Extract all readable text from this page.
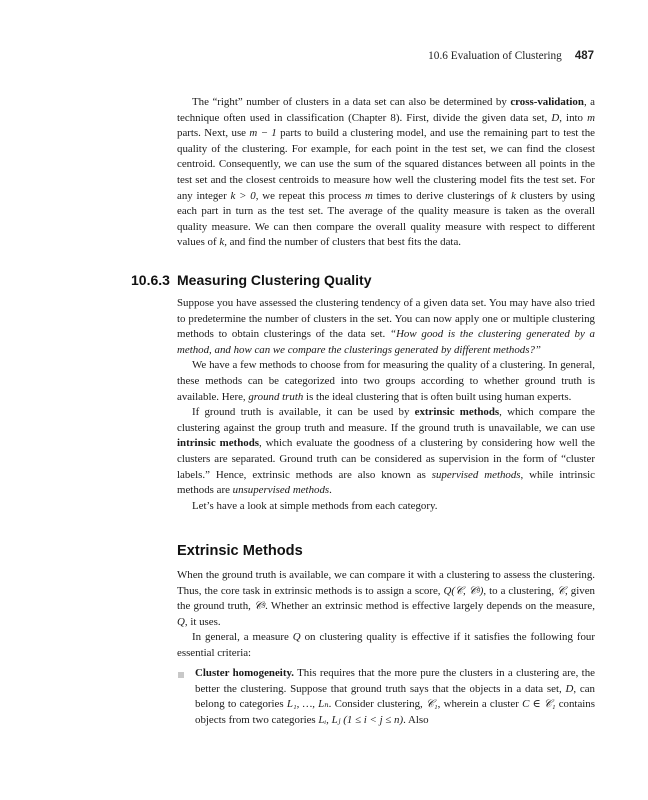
10.6 Evaluation of Clustering 487

The “right” number of clusters in a data set can also be determined by cross-validation, a technique often used in classification (Chapter 8). First, divide the given data set, D, into m parts. Next, use m − 1 parts to build a clustering model, and use the remaining part to test the quality of the clustering. For example, for each point in the test set, we can find the closest centroid. Consequently, we can use the sum of the squared distances between all points in the test set and the closest centroids to measure how well the clustering model fits the test set. For any integer k > 0, we repeat this process m times to derive clusterings of k clusters by using each part in turn as the test set. The average of the quality measure is taken as the overall quality measure. We can then compare the overall quality measure with respect to different values of k, and find the number of clusters that best fits the data.

10.6.3 Measuring Clustering Quality

Suppose you have assessed the clustering tendency of a given data set. You may have also tried to predetermine the number of clusters in the set. You can now apply one or multiple clustering methods to obtain clusterings of the data set. “How good is the clustering generated by a method, and how can we compare the clusterings generated by different methods?”

We have a few methods to choose from for measuring the quality of a clustering. In general, these methods can be categorized into two groups according to whether ground truth is available. Here, ground truth is the ideal clustering that is often built using human experts.

If ground truth is available, it can be used by extrinsic methods, which compare the clustering against the group truth and measure. If the ground truth is unavailable, we can use intrinsic methods, which evaluate the goodness of a clustering by considering how well the clusters are separated. Ground truth can be considered as supervision in the form of “cluster labels.” Hence, extrinsic methods are also known as supervised methods, while intrinsic methods are unsupervised methods.

Let’s have a look at simple methods from each category.

Extrinsic Methods

When the ground truth is available, we can compare it with a clustering to assess the clustering. Thus, the core task in extrinsic methods is to assign a score, Q(𝒞, 𝒞ᵍ), to a clustering, 𝒞, given the ground truth, 𝒞ᵍ. Whether an extrinsic method is effective largely depends on the measure, Q, it uses.

In general, a measure Q on clustering quality is effective if it satisfies the following four essential criteria:

Cluster homogeneity. This requires that the more pure the clusters in a clustering are, the better the clustering. Suppose that ground truth says that the objects in a data set, D, can belong to categories L₁, …, Lₙ. Consider clustering, 𝒞₁, wherein a cluster C ∈ 𝒞₁ contains objects from two categories Lᵢ, Lⱼ (1 ≤ i < j ≤ n). Also
